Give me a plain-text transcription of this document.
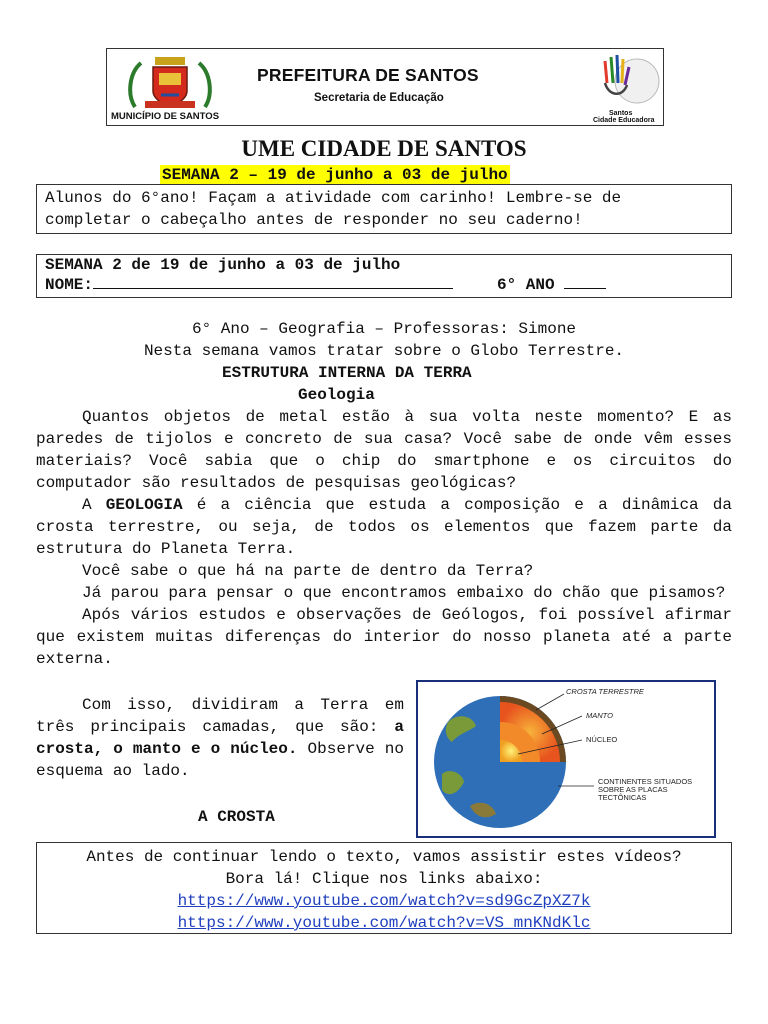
MUNICÍPIO DE SANTOS
PREFEITURA DE SANTOS
Secretaria de Educação
Santos
Cidade Educadora
UME CIDADE DE SANTOS
SEMANA 2 – 19 de junho a 03 de julho
Alunos do 6°ano! Façam a atividade com carinho! Lembre-se de
completar o cabeçalho antes de responder no seu caderno!
SEMANA 2 de 19 de junho a 03 de julho
NOME:	6° ANO
6° Ano – Geografia – Professoras: Simone
Nesta semana vamos tratar sobre o Globo Terrestre.
ESTRUTURA INTERNA DA TERRA
Geologia

Quantos objetos de metal estão à sua volta neste momento? E as paredes de tijolos e concreto de sua casa? Você sabe de onde vêm esses materiais? Você sabia que o chip do smartphone e os circuitos do computador são resultados de pesquisas geológicas?

A GEOLOGIA é a ciência que estuda a composição e a dinâmica da crosta terrestre, ou seja, de todos os elementos que fazem parte da estrutura do Planeta Terra.

Você sabe o que há na parte de dentro da Terra?

Já parou para pensar o que encontramos embaixo do chão que pisamos?

Após vários estudos e observações de Geólogos, foi possível afirmar que existem muitas diferenças do interior do nosso planeta até a parte externa.

Com isso, dividiram a Terra em três principais camadas, que são: a crosta, o manto e o núcleo. Observe no esquema ao lado.

CROSTA TERRESTRE
MANTO
NÚCLEO
CONTINENTES SITUADOS
SOBRE AS PLACAS
TECTÔNICAS
A CROSTA
Antes de continuar lendo o texto, vamos assistir estes vídeos?
Bora lá! Clique nos links abaixo:
https://www.youtube.com/watch?v=sd9GcZpXZ7k
https://www.youtube.com/watch?v=VS_mnKNdKlc
